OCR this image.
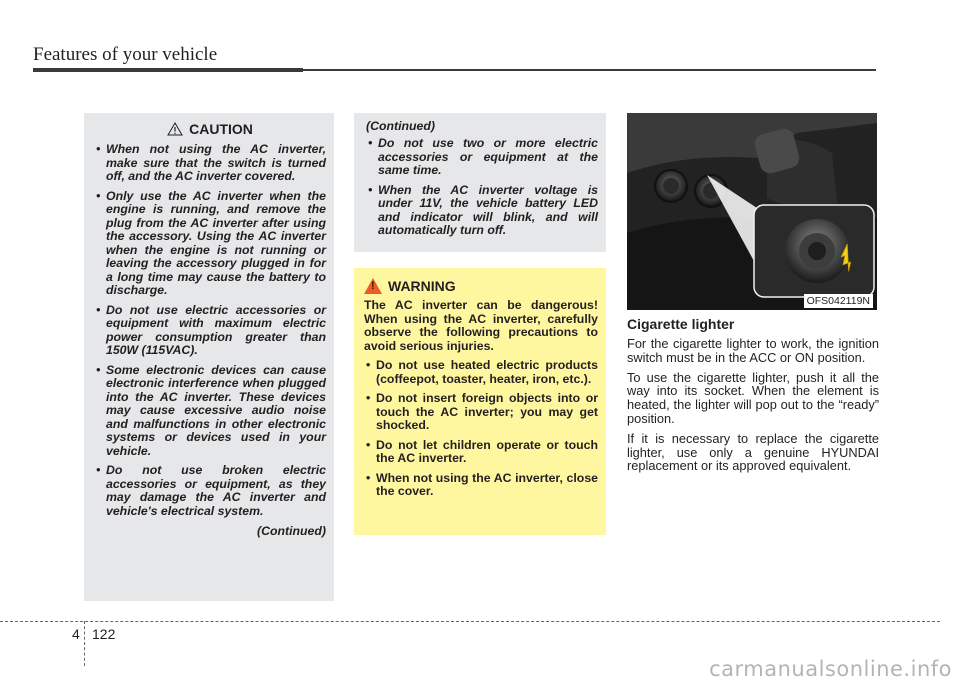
Features of your vehicle
CAUTION
• When not using the AC inverter, make sure that the switch is turned off, and the AC inverter covered.
• Only use the AC inverter when the engine is running, and remove the plug from the AC inverter after using the accessory. Using the AC inverter when the engine is not running or leaving the accessory plugged in for a long time may cause the battery to discharge.
• Do not use electric accessories or equipment with maximum electric power consumption greater than 150W (115VAC).
• Some electronic devices can cause electronic interference when plugged into the AC inverter. These devices may cause excessive audio noise and malfunctions in other electronic systems or devices used in your vehicle.
• Do not use broken electric accessories or equipment, as they may damage the AC inverter and vehicle's electrical system.
(Continued)
(Continued)
• Do not use two or more electric accessories or equipment at the same time.
• When the AC inverter voltage is under 11V, the vehicle battery LED and indicator will blink, and will automatically turn off.
!
WARNING
The AC inverter can be dangerous! When using the AC inverter, carefully observe the following precautions to avoid serious injuries.
• Do not use heated electric products (coffeepot, toaster, heater, iron, etc.).
• Do not insert foreign objects into or touch the AC inverter; you may get shocked.
• Do not let children operate or touch the AC inverter.
• When not using the AC inverter, close the cover.
OFS042119N
Cigarette lighter

For the cigarette lighter to work, the ignition switch must be in the ACC or ON position.

To use the cigarette lighter, push it all the way into its socket. When the element is heated, the lighter will pop out to the “ready” position.

If it is necessary to replace the cigarette lighter, use only a genuine HYUNDAI replacement or its approved equivalent.

4 122
carmanualsonline.info
